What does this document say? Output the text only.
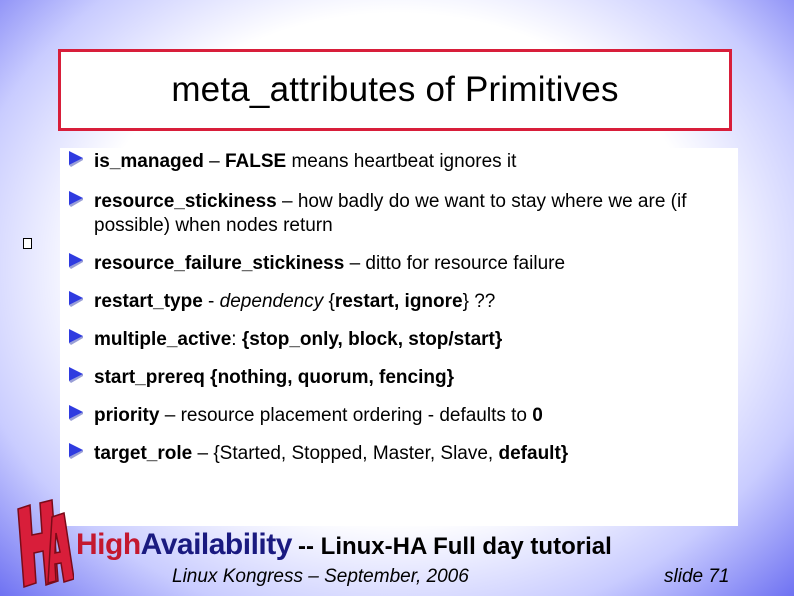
meta_attributes of Primitives
is_managed – FALSE means heartbeat ignores it
resource_stickiness – how badly do we want to stay where we are (if possible) when nodes return
resource_failure_stickiness – ditto for resource failure
restart_type - dependency {restart, ignore} ??
multiple_active: {stop_only, block, stop/start}
start_prereq {nothing, quorum, fencing}
priority – resource placement ordering - defaults to 0
target_role – {Started, Stopped, Master, Slave, default}
HighAvailability -- Linux-HA Full day tutorial
Linux Kongress – September, 2006	slide 71
